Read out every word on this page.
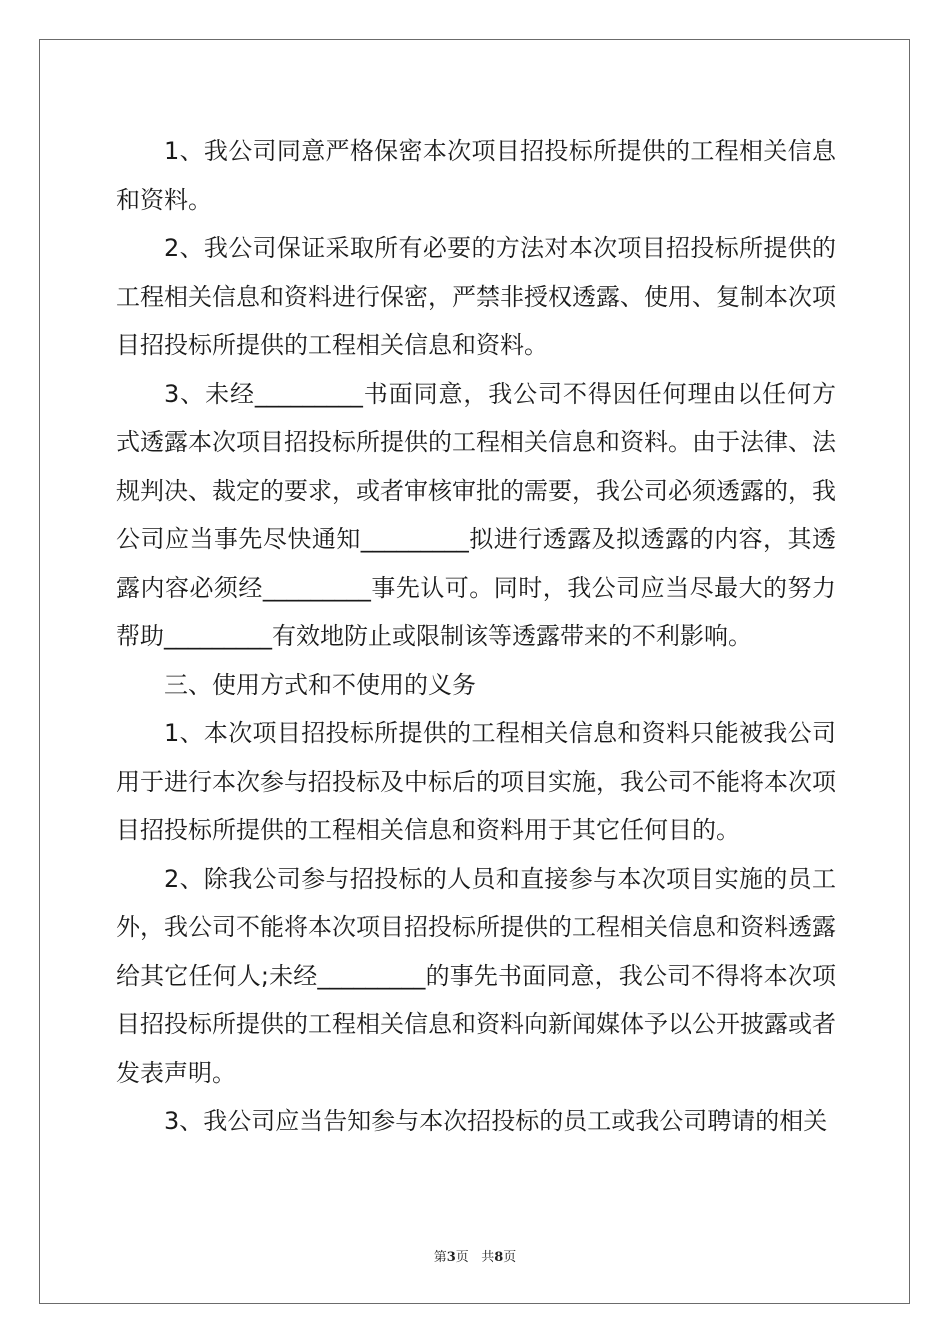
1、我公司同意严格保密本次项目招投标所提供的工程相关信息和资料。

2、我公司保证采取所有必要的方法对本次项目招投标所提供的工程相关信息和资料进行保密，严禁非授权透露、使用、复制本次项目招投标所提供的工程相关信息和资料。

3、未经_________书面同意，我公司不得因任何理由以任何方式透露本次项目招投标所提供的工程相关信息和资料。由于法律、法规判决、裁定的要求，或者审核审批的需要，我公司必须透露的，我公司应当事先尽快通知_________拟进行透露及拟透露的内容，其透露内容必须经_________事先认可。同时，我公司应当尽最大的努力帮助_________有效地防止或限制该等透露带来的不利影响。

三、使用方式和不使用的义务

1、本次项目招投标所提供的工程相关信息和资料只能被我公司用于进行本次参与招投标及中标后的项目实施，我公司不能将本次项目招投标所提供的工程相关信息和资料用于其它任何目的。

2、除我公司参与招投标的人员和直接参与本次项目实施的员工外，我公司不能将本次项目招投标所提供的工程相关信息和资料透露给其它任何人;未经_________的事先书面同意，我公司不得将本次项目招投标所提供的工程相关信息和资料向新闻媒体予以公开披露或者发表声明。

3、我公司应当告知参与本次招投标的员工或我公司聘请的相关

第3页 共8页
